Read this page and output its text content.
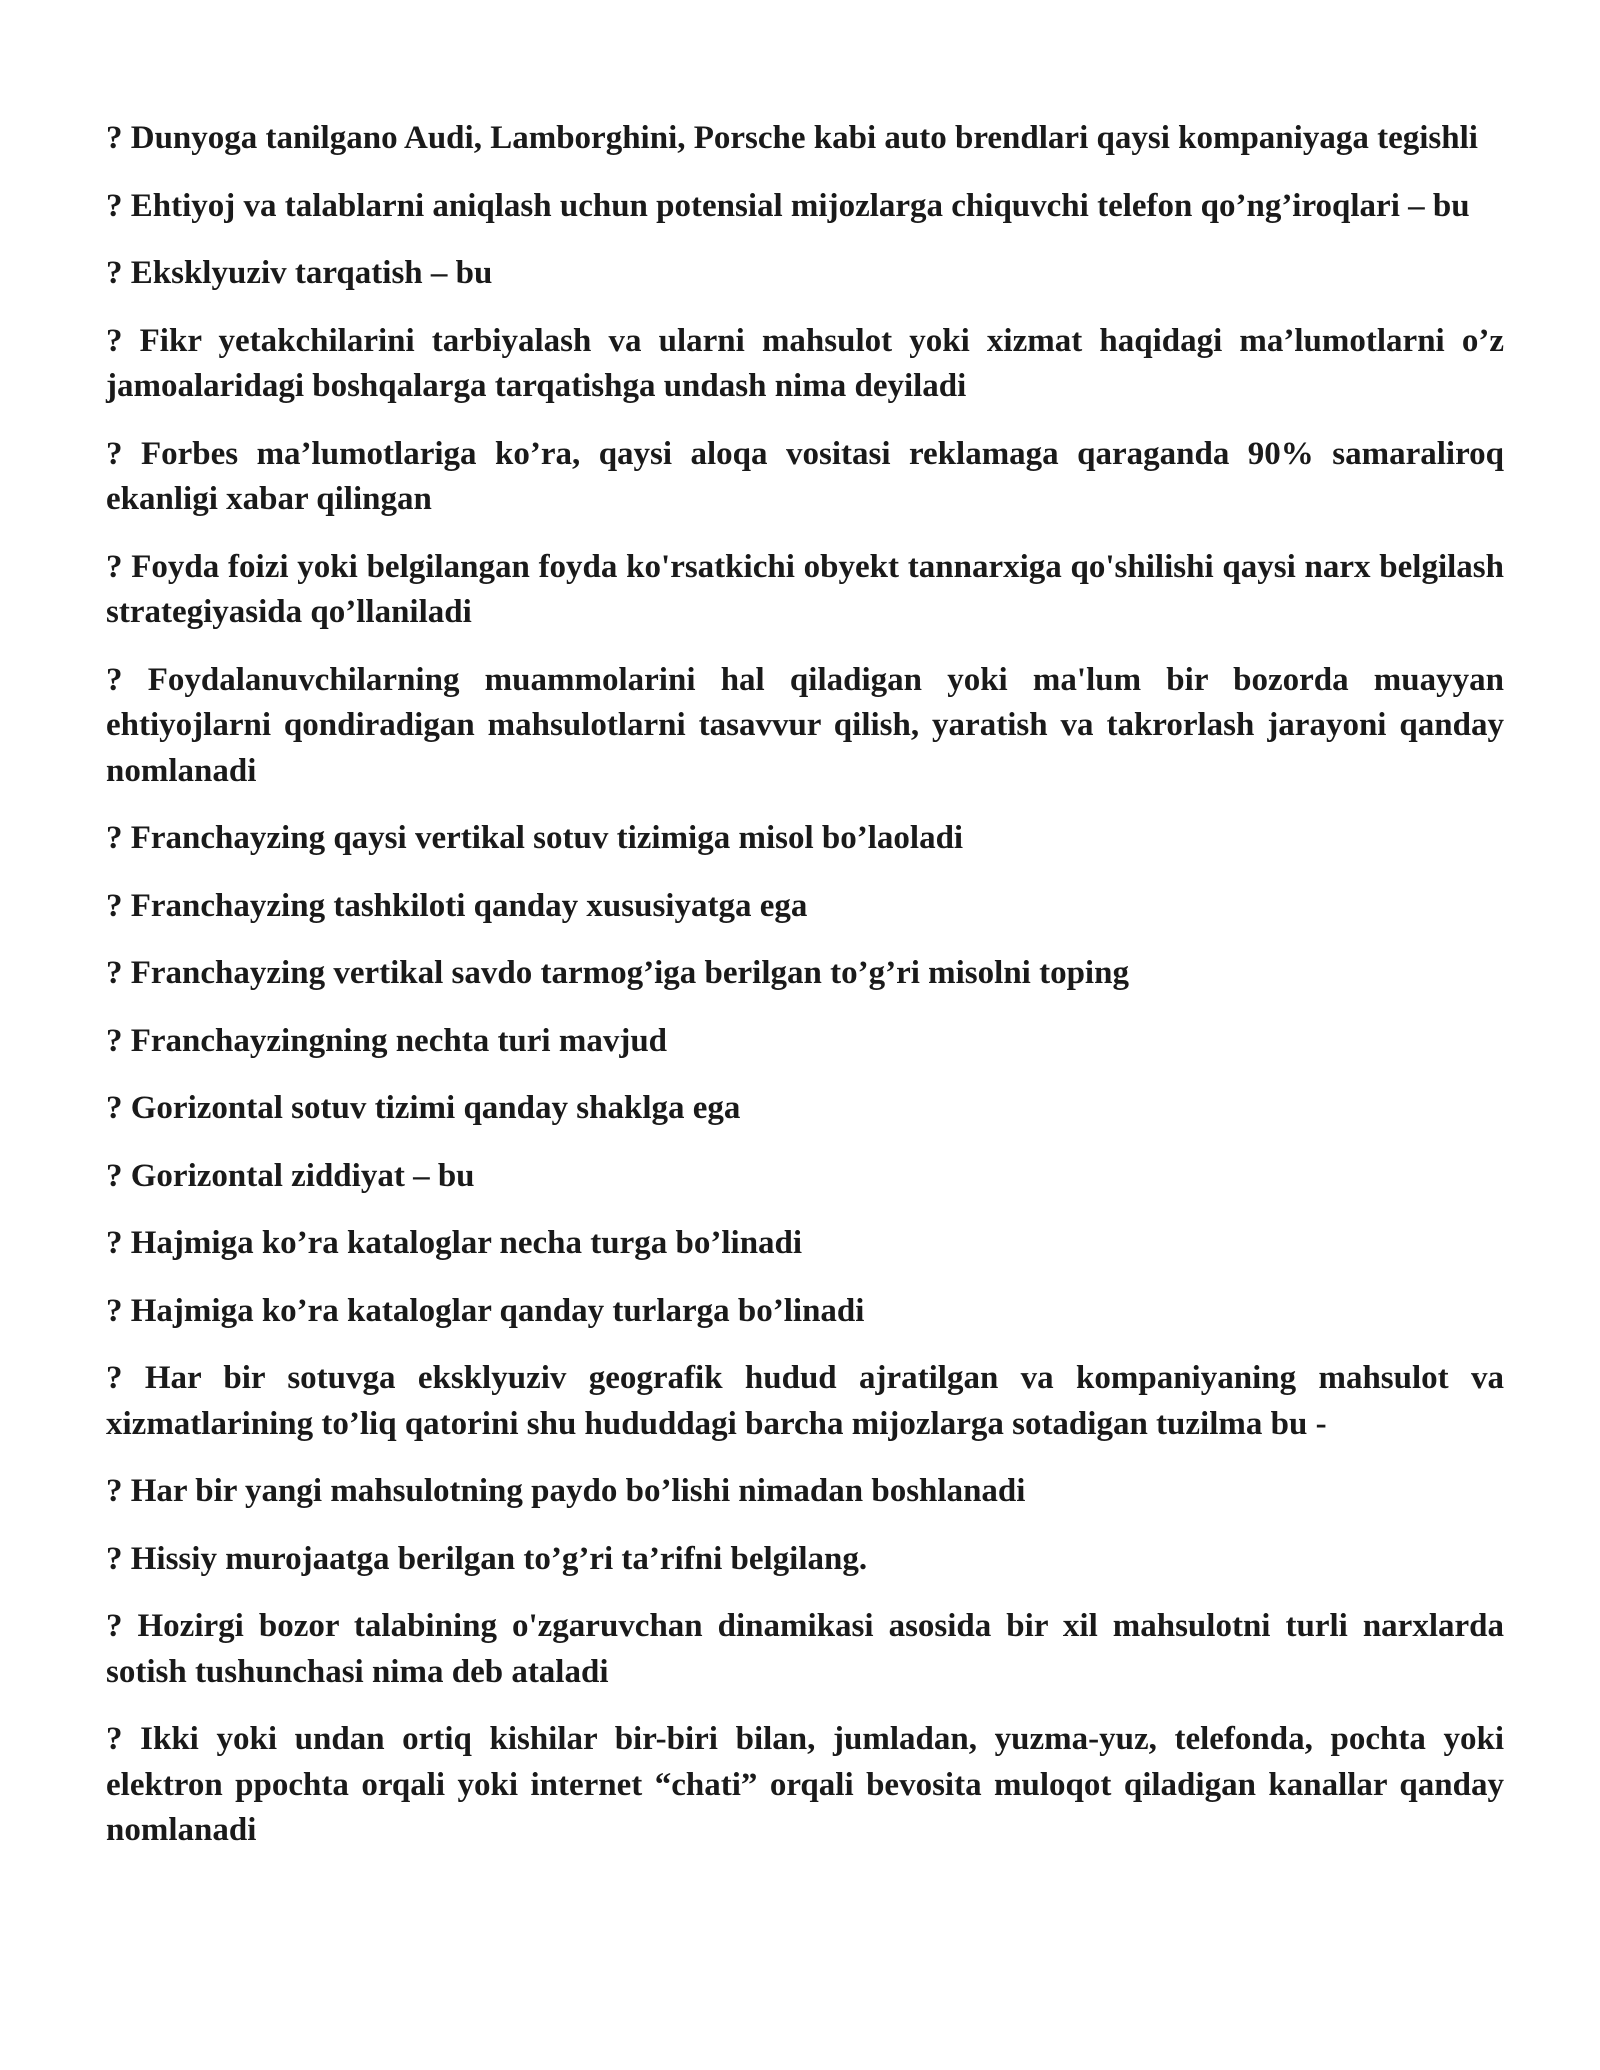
? Dunyoga tanilgano Audi, Lamborghini, Porsche kabi auto brendlari qaysi kompaniyaga tegishli

? Ehtiyoj va talablarni aniqlash uchun potensial mijozlarga chiquvchi telefon qo’ng’iroqlari – bu

? Eksklyuziv tarqatish – bu

? Fikr yetakchilarini tarbiyalash va ularni mahsulot yoki xizmat haqidagi ma’lumotlarni o’z jamoalaridagi boshqalarga tarqatishga undash nima deyiladi

? Forbes ma’lumotlariga ko’ra, qaysi aloqa vositasi reklamaga qaraganda 90% samaraliroq ekanligi xabar qilingan

? Foyda foizi yoki belgilangan foyda ko'rsatkichi obyekt tannarxiga qo'shilishi qaysi narx belgilash strategiyasida qo’llaniladi

? Foydalanuvchilarning muammolarini hal qiladigan yoki ma'lum bir bozorda muayyan ehtiyojlarni qondiradigan mahsulotlarni tasavvur qilish, yaratish va takrorlash jarayoni qanday nomlanadi

? Franchayzing qaysi vertikal sotuv tizimiga misol bo’laoladi

? Franchayzing tashkiloti qanday xususiyatga ega

? Franchayzing vertikal savdo tarmog’iga berilgan to’g’ri misolni toping

? Franchayzingning nechta turi mavjud

? Gorizontal sotuv tizimi qanday shaklga ega

? Gorizontal ziddiyat – bu

? Hajmiga ko’ra kataloglar necha turga bo’linadi

? Hajmiga ko’ra kataloglar qanday turlarga bo’linadi

? Har bir sotuvga eksklyuziv geografik hudud ajratilgan va kompaniyaning mahsulot va xizmatlarining to’liq qatorini shu hududdagi barcha mijozlarga sotadigan tuzilma bu -

? Har bir yangi mahsulotning paydo bo’lishi nimadan boshlanadi

? Hissiy murojaatga berilgan to’g’ri ta’rifni belgilang.

? Hozirgi bozor talabining o'zgaruvchan dinamikasi asosida bir xil mahsulotni turli narxlarda sotish tushunchasi nima deb ataladi

? Ikki yoki undan ortiq kishilar bir-biri bilan, jumladan, yuzma-yuz, telefonda, pochta yoki elektron ppochta orqali yoki internet “chati” orqali bevosita muloqot qiladigan kanallar qanday nomlanadi
